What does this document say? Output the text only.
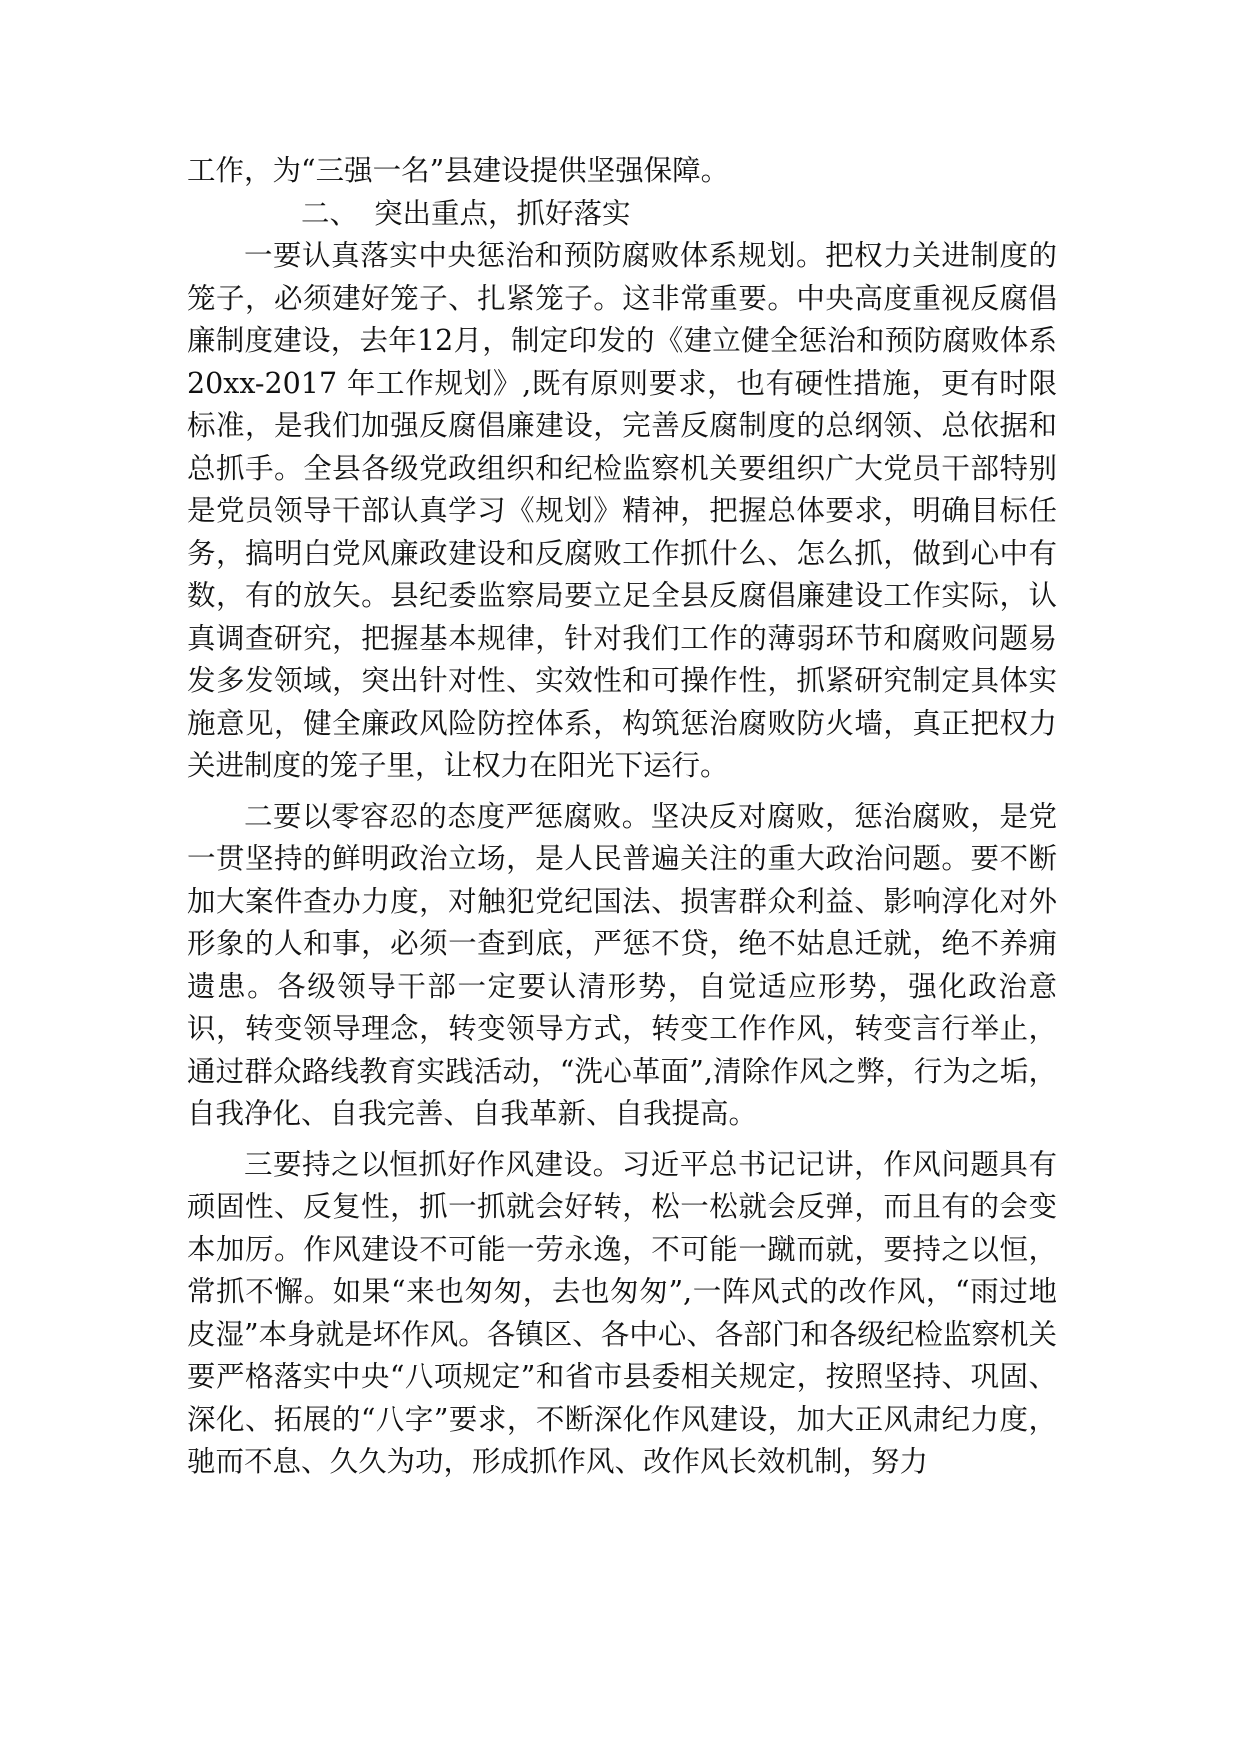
工作，为“三强一名”县建设提供坚强保障。

二、 突出重点，抓好落实

一要认真落实中央惩治和预防腐败体系规划。把权力关进制度的笼子，必须建好笼子、扎紧笼子。这非常重要。中央高度重视反腐倡廉制度建设，去年12月，制定印发的《建立健全惩治和预防腐败体系20xx-2017 年工作规划》,既有原则要求，也有硬性措施，更有时限标准，是我们加强反腐倡廉建设，完善反腐制度的总纲领、总依据和总抓手。全县各级党政组织和纪检监察机关要组织广大党员干部特别是党员领导干部认真学习《规划》精神，把握总体要求，明确目标任务，搞明白党风廉政建设和反腐败工作抓什么、怎么抓，做到心中有数，有的放矢。县纪委监察局要立足全县反腐倡廉建设工作实际，认真调查研究，把握基本规律，针对我们工作的薄弱环节和腐败问题易发多发领域，突出针对性、实效性和可操作性，抓紧研究制定具体实施意见，健全廉政风险防控体系，构筑惩治腐败防火墙，真正把权力关进制度的笼子里，让权力在阳光下运行。

二要以零容忍的态度严惩腐败。坚决反对腐败，惩治腐败，是党一贯坚持的鲜明政治立场，是人民普遍关注的重大政治问题。要不断加大案件查办力度，对触犯党纪国法、损害群众利益、影响淳化对外形象的人和事，必须一查到底，严惩不贷，绝不姑息迁就，绝不养痈遗患。各级领导干部一定要认清形势，自觉适应形势，强化政治意识，转变领导理念，转变领导方式，转变工作作风，转变言行举止，通过群众路线教育实践活动，“洗心革面”,清除作风之弊，行为之垢，自我净化、自我完善、自我革新、自我提高。

三要持之以恒抓好作风建设。习近平总书记记讲，作风问题具有顽固性、反复性，抓一抓就会好转，松一松就会反弹，而且有的会变本加厉。作风建设不可能一劳永逸，不可能一蹴而就，要持之以恒，常抓不懈。如果“来也匆匆，去也匆匆”,一阵风式的改作风，“雨过地皮湿”本身就是坏作风。各镇区、各中心、各部门和各级纪检监察机关要严格落实中央“八项规定”和省市县委相关规定，按照坚持、巩固、深化、拓展的“八字”要求，不断深化作风建设，加大正风肃纪力度，驰而不息、久久为功，形成抓作风、改作风长效机制，努力
